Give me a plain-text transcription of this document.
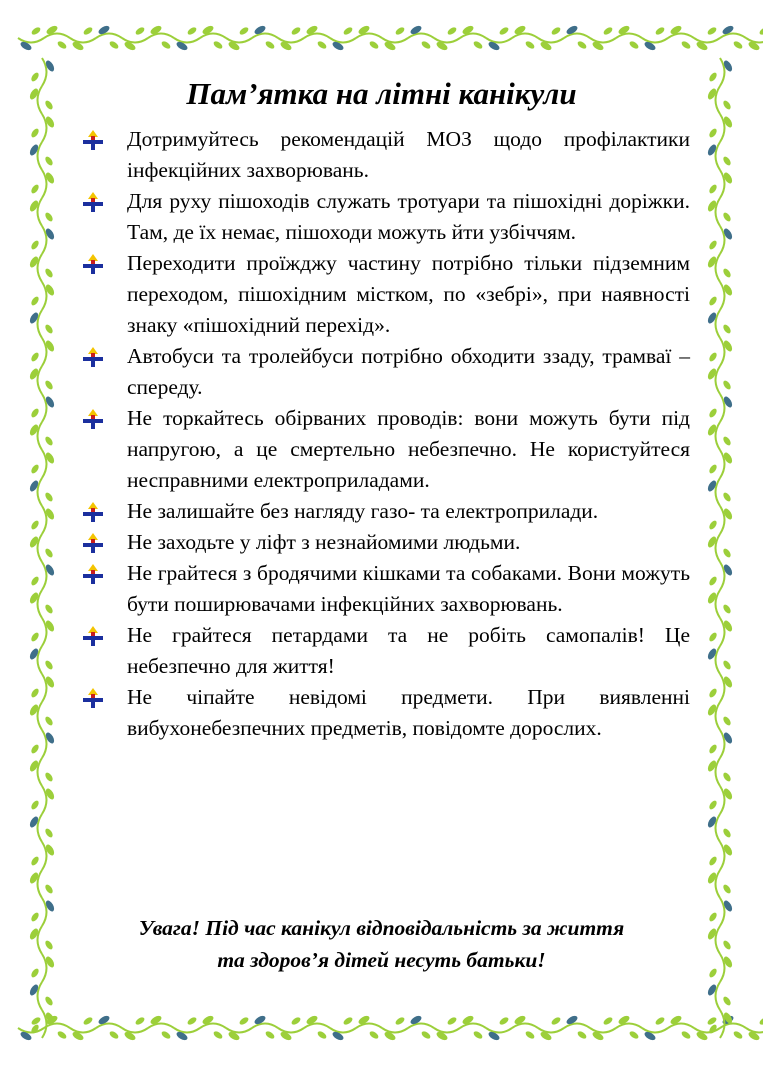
Пам’ятка на літні канікули
Дотримуйтесь рекомендацій МОЗ щодо профілактики інфекційних захворювань.
Для руху пішоходів служать тротуари та пішохідні доріжки. Там, де їх немає, пішоходи можуть йти узбіччям.
Переходити проїжджу частину потрібно тільки підземним переходом, пішохідним містком, по «зебрі», при наявності знаку «пішохідний перехід».
Автобуси та тролейбуси потрібно обходити ззаду, трамваї – спереду.
Не торкайтесь обірваних проводів: вони можуть бути під напругою, а це смертельно небезпечно. Не користуйтеся несправними електроприладами.
Не залишайте без нагляду газо- та електроприлади.
Не заходьте у ліфт з незнайомими людьми.
Не грайтеся з бродячими кішками та собаками. Вони можуть бути поширювачами інфекційних захворювань.
Не грайтеся петардами та не робіть самопалів! Це небезпечно для життя!
Не чіпайте невідомі предмети. При виявленні вибухонебезпечних предметів, повідомте дорослих.
Увага! Під час канікул відповідальність за життя
та здоров’я дітей несуть батьки!
